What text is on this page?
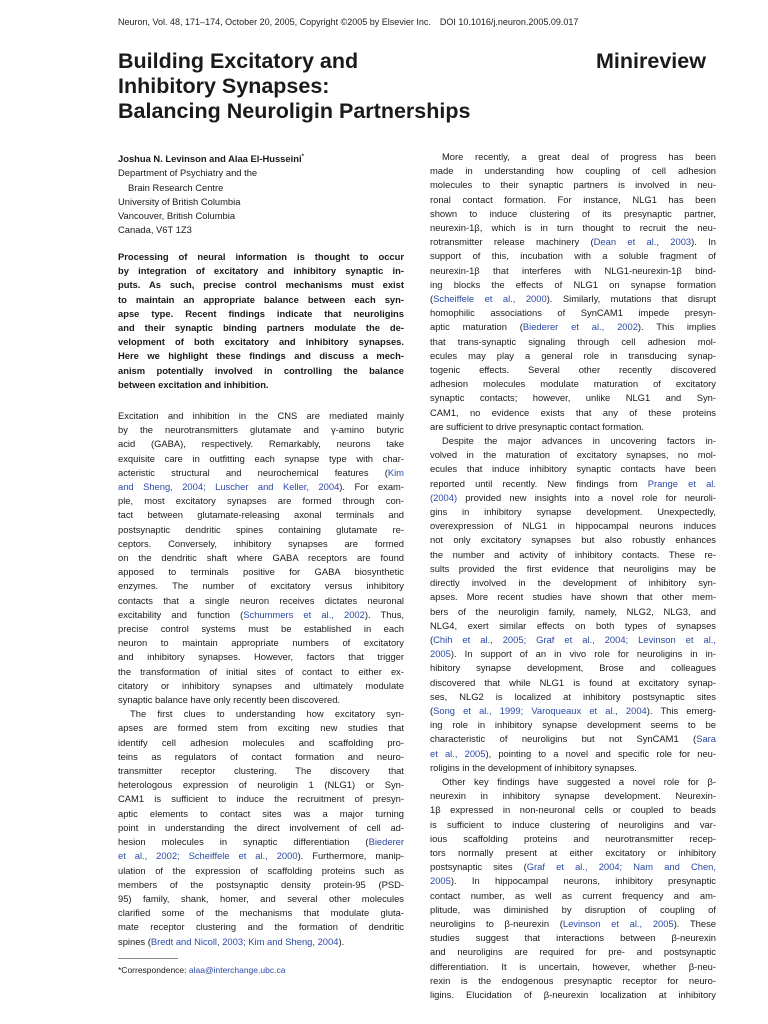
Neuron, Vol. 48, 171–174, October 20, 2005, Copyright ©2005 by Elsevier Inc. DOI 10.1016/j.neuron.2005.09.017
Building Excitatory and
Inhibitory Synapses:
Balancing Neuroligin Partnerships
Minireview
Joshua N. Levinson and Alaa El-Husseini*
Department of Psychiatry and the
Brain Research Centre
University of British Columbia
Vancouver, British Columbia
Canada, V6T 1Z3
Processing of neural information is thought to occur
by integration of excitatory and inhibitory synaptic in-
puts. As such, precise control mechanisms must exist
to maintain an appropriate balance between each syn-
apse type. Recent findings indicate that neuroligins
and their synaptic binding partners modulate the de-
velopment of both excitatory and inhibitory synapses.
Here we highlight these findings and discuss a mech-
anism potentially involved in controlling the balance
between excitation and inhibition.
Excitation and inhibition in the CNS are mediated mainly
by the neurotransmitters glutamate and γ-amino butyric
acid (GABA), respectively. Remarkably, neurons take
exquisite care in outfitting each synapse type with char-
acteristic structural and neurochemical features (Kim
and Sheng, 2004; Luscher and Keller, 2004). For exam-
ple, most excitatory synapses are formed through con-
tact between glutamate-releasing axonal terminals and
postsynaptic dendritic spines containing glutamate re-
ceptors. Conversely, inhibitory synapses are formed
on the dendritic shaft where GABA receptors are found
apposed to terminals positive for GABA biosynthetic
enzymes. The number of excitatory versus inhibitory
contacts that a single neuron receives dictates neuronal
excitability and function (Schummers et al., 2002). Thus,
precise control systems must be established in each
neuron to maintain appropriate numbers of excitatory
and inhibitory synapses. However, factors that trigger
the transformation of initial sites of contact to either ex-
citatory or inhibitory synapses and ultimately modulate
synaptic balance have only recently been discovered.
The first clues to understanding how excitatory syn-
apses are formed stem from exciting new studies that
identify cell adhesion molecules and scaffolding pro-
teins as regulators of contact formation and neuro-
transmitter receptor clustering. The discovery that
heterologous expression of neuroligin 1 (NLG1) or Syn-
CAM1 is sufficient to induce the recruitment of presyn-
aptic elements to contact sites was a major turning
point in understanding the direct involvement of cell ad-
hesion molecules in synaptic differentiation (Biederer
et al., 2002; Scheiffele et al., 2000). Furthermore, manip-
ulation of the expression of scaffolding proteins such as
members of the postsynaptic density protein-95 (PSD-
95) family, shank, homer, and several other molecules
clarified some of the mechanisms that modulate gluta-
mate receptor clustering and the formation of dendritic
spines (Bredt and Nicoll, 2003; Kim and Sheng, 2004).
More recently, a great deal of progress has been
made in understanding how coupling of cell adhesion
molecules to their synaptic partners is involved in neu-
ronal contact formation. For instance, NLG1 has been
shown to induce clustering of its presynaptic partner,
neurexin-1β, which is in turn thought to recruit the neu-
rotransmitter release machinery (Dean et al., 2003). In
support of this, incubation with a soluble fragment of
neurexin-1β that interferes with NLG1-neurexin-1β bind-
ing blocks the effects of NLG1 on synapse formation
(Scheiffele et al., 2000). Similarly, mutations that disrupt
homophilic associations of SynCAM1 impede presyn-
aptic maturation (Biederer et al., 2002). This implies
that trans-synaptic signaling through cell adhesion mol-
ecules may play a general role in transducing synap-
togenic effects. Several other recently discovered
adhesion molecules modulate maturation of excitatory
synaptic contacts; however, unlike NLG1 and Syn-
CAM1, no evidence exists that any of these proteins
are sufficient to drive presynaptic contact formation.
Despite the major advances in uncovering factors in-
volved in the maturation of excitatory synapses, no mol-
ecules that induce inhibitory synaptic contacts have been
reported until recently. New findings from Prange et al.
(2004) provided new insights into a novel role for neuroli-
gins in inhibitory synapse development. Unexpectedly,
overexpression of NLG1 in hippocampal neurons induces
not only excitatory synapses but also robustly enhances
the number and activity of inhibitory contacts. These re-
sults provided the first evidence that neuroligins may be
directly involved in the development of inhibitory syn-
apses. More recent studies have shown that other mem-
bers of the neuroligin family, namely, NLG2, NLG3, and
NLG4, exert similar effects on both types of synapses
(Chih et al., 2005; Graf et al., 2004; Levinson et al.,
2005). In support of an in vivo role for neuroligins in in-
hibitory synapse development, Brose and colleagues
discovered that while NLG1 is found at excitatory synap-
ses, NLG2 is localized at inhibitory postsynaptic sites
(Song et al., 1999; Varoqueaux et al., 2004). This emerg-
ing role in inhibitory synapse development seems to be
characteristic of neuroligins but not SynCAM1 (Sara
et al., 2005), pointing to a novel and specific role for neu-
roligins in the development of inhibitory synapses.
Other key findings have suggested a novel role for β-
neurexin in inhibitory synapse development. Neurexin-
1β expressed in non-neuronal cells or coupled to beads
is sufficient to induce clustering of neuroligins and var-
ious scaffolding proteins and neurotransmitter recep-
tors normally present at either excitatory or inhibitory
postsynaptic sites (Graf et al., 2004; Nam and Chen,
2005). In hippocampal neurons, inhibitory presynaptic
contact number, as well as current frequency and am-
plitude, was diminished by disruption of coupling of
neuroligins to β-neurexin (Levinson et al., 2005). These
studies suggest that interactions between β-neurexin
and neuroligins are required for pre- and postsynaptic
differentiation. It is uncertain, however, whether β-neu-
rexin is the endogenous presynaptic receptor for neuro-
ligins. Elucidation of β-neurexin localization at inhibitory
*Correspondence: alaa@interchange.ubc.ca
